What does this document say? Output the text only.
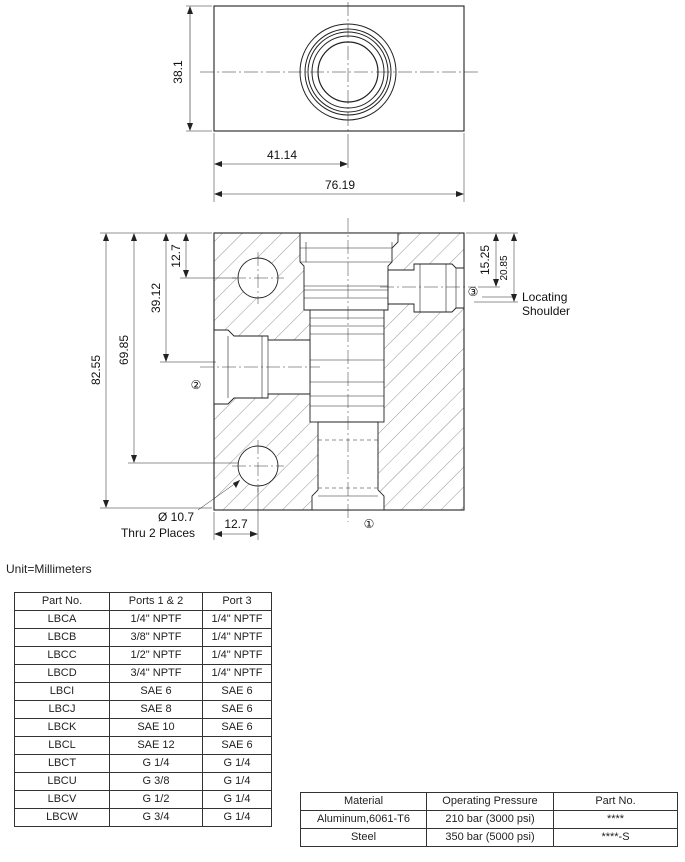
38.1
41.14
76.19
82.55
69.85
39.12
12.7	15.25 20.85
12.7
Ø 10.7
Thru 2 Places
①
②
③	Locating
Shoulder
Unit=Millimeters
Part No.	Ports 1 & 2	Port 3
LBCA	1/4" NPTF	1/4" NPTF
LBCB	3/8" NPTF	1/4" NPTF
LBCC	1/2" NPTF	1/4" NPTF
LBCD	3/4" NPTF	1/4" NPTF
LBCI	SAE 6	SAE 6
LBCJ	SAE 8	SAE 6
LBCK	SAE 10	SAE 6
LBCL	SAE 12	SAE 6
LBCT	G 1/4	G 1/4
LBCU	G 3/8	G 1/4
LBCV	G 1/2	G 1/4
LBCW	G 3/4	G 1/4
Material	Operating Pressure	Part No.
Aluminum,6061-T6	210 bar (3000 psi)	****
Steel	350 bar (5000 psi)	****-S
